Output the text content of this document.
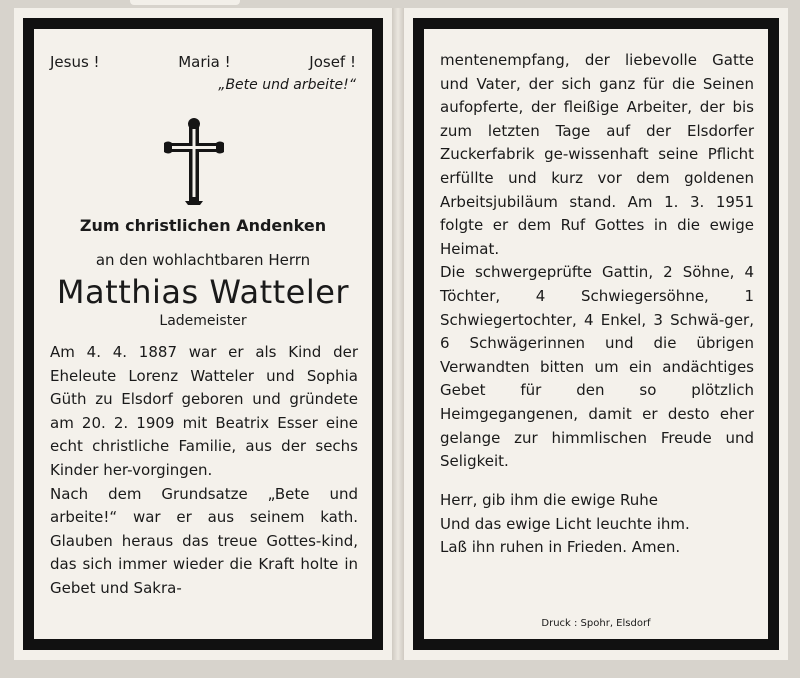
Jesus !	Maria !	Josef !
„Bete und arbeite!“
Zum christlichen Andenken
an den wohlachtbaren Herrn
Matthias Watteler
Lademeister
Am 4. 4. 1887 war er als Kind der Eheleute Lorenz Watteler und Sophia Güth zu Elsdorf geboren und gründete am 20. 2. 1909 mit Beatrix Esser eine echt christliche Familie, aus der sechs Kinder her-vorgingen.
Nach dem Grundsatze „Bete und arbeite!“ war er aus seinem kath. Glauben heraus das treue Gottes-kind, das sich immer wieder die Kraft holte in Gebet und Sakra-
mentenempfang, der liebevolle Gatte und Vater, der sich ganz für die Seinen aufopferte, der fleißige Arbeiter, der bis zum letzten Tage auf der Elsdorfer Zuckerfabrik ge-wissenhaft seine Pflicht erfüllte und kurz vor dem goldenen Arbeitsjubiläum stand. Am 1. 3. 1951 folgte er dem Ruf Gottes in die ewige Heimat.
Die schwergeprüfte Gattin, 2 Söhne, 4 Töchter, 4 Schwiegersöhne, 1 Schwiegertochter, 4 Enkel, 3 Schwä-ger, 6 Schwägerinnen und die übrigen Verwandten bitten um ein andächtiges Gebet für den so plötzlich Heimgegangenen, damit er desto eher gelange zur himmlischen Freude und Seligkeit.
Herr, gib ihm die ewige Ruhe
Und das ewige Licht leuchte ihm.
Laß ihn ruhen in Frieden. Amen.
Druck : Spohr, Elsdorf
